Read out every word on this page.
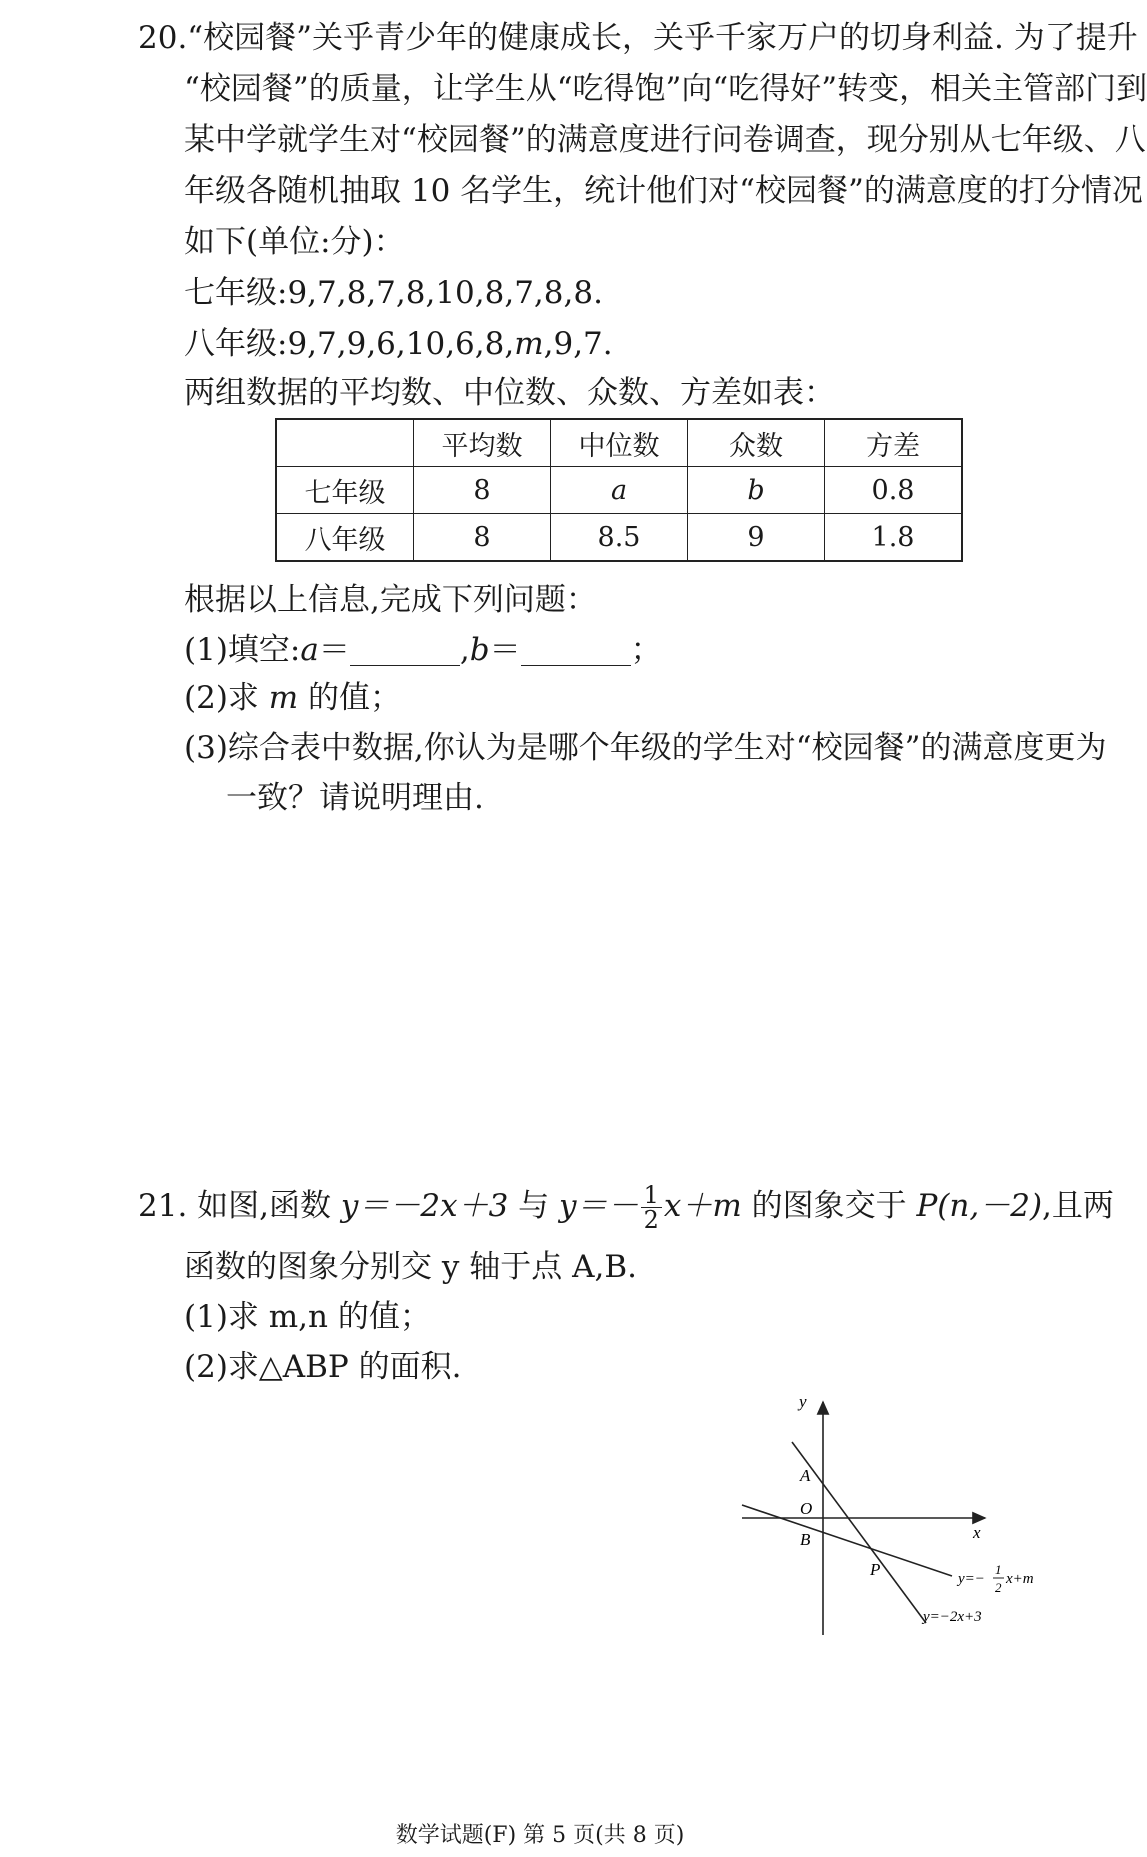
20.“校园餐”关乎青少年的健康成长，关乎千家万户的切身利益. 为了提升
“校园餐”的质量，让学生从“吃得饱”向“吃得好”转变，相关主管部门到
某中学就学生对“校园餐”的满意度进行问卷调查，现分别从七年级、八
年级各随机抽取 10 名学生，统计他们对“校园餐”的满意度的打分情况
如下(单位:分)：
七年级:9,7,8,7,8,10,8,7,8,8.
八年级:9,7,9,6,10,6,8,m,9,7.
两组数据的平均数、中位数、众数、方差如表：
	平均数	中位数	众数	方差
七年级	8	a	b	0.8
八年级	8	8.5	9	1.8
根据以上信息,完成下列问题：
(1)填空:a＝	,b＝	；
(2)求 m 的值；
(3)综合表中数据,你认为是哪个年级的学生对“校园餐”的满意度更为
一致？请说明理由.
21. 如图,函数 y＝－2x＋3 与 $y=- \frac{1}{2} x+m$ 的图象交于 P(n,－2),且两
函数的图象分别交 y 轴于点 A,B.
(1)求 m,n 的值；
(2)求△ABP 的面积.
y
x
O
A
B
P	y=−
1
2
x+m
y=−2x+3
数学试题(F) 第 5 页(共 8 页)
